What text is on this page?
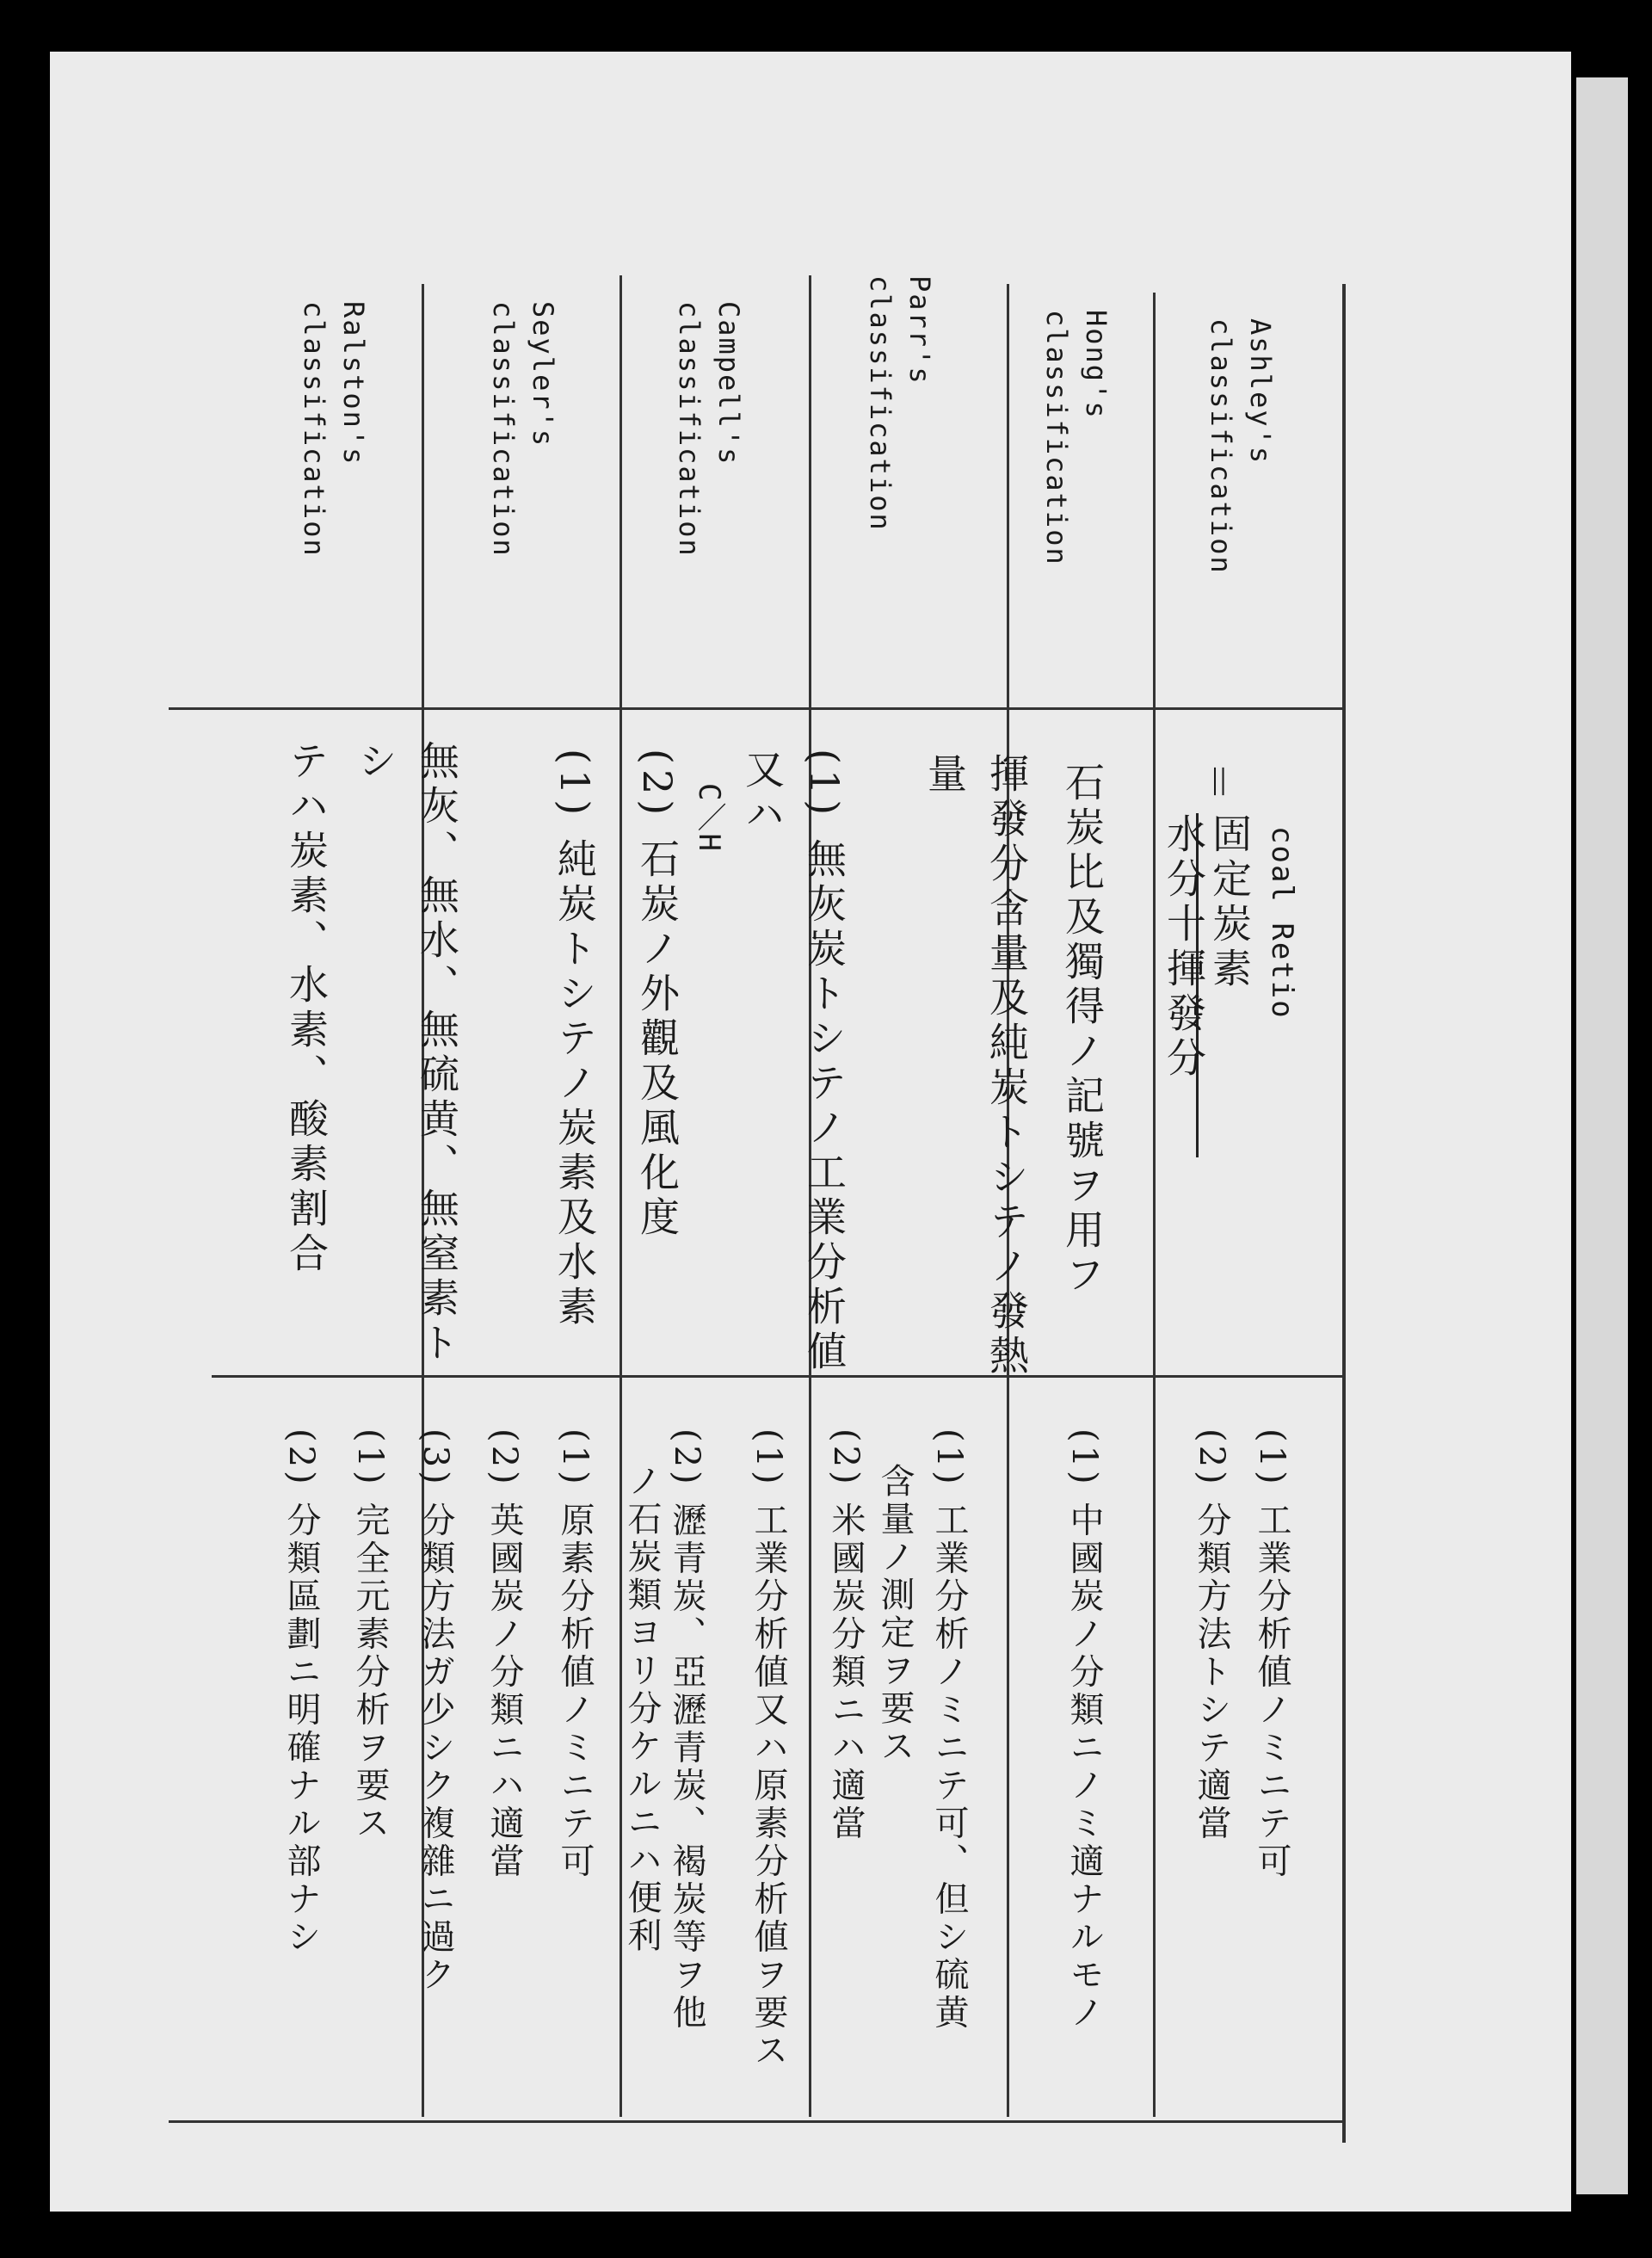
Ashley's
classification
＝
coal Retio
固定炭素
水分十揮發分
(1) 工業分析値ノミニテ可
(2) 分類方法トシテ適當
Hong's
classification
石炭比及獨得ノ記號ヲ用フ
(1) 中國炭ノ分類ニノミ適ナルモノ
Parr's
classification
揮發分含量及純炭トシテノ發熱量
(1) 工業分析ノミニテ可、但シ硫黄
含量ノ測定ヲ要ス
(2) 米國炭分類ニハ適當
Campell's
classification
(1) 無灰炭トシテノ工業分析値又ハ
C／H
(2) 石炭ノ外觀及風化度
(1) 工業分析値又ハ原素分析値ヲ要ス
(2) 瀝青炭、亞瀝青炭、褐炭等ヲ他
ノ石炭類ヨリ分ケルニハ便利
Seyler's
classification
(1) 純炭トシテノ炭素及水素
(1) 原素分析値ノミニテ可
(2) 英國炭ノ分類ニハ適當
(3) 分類方法ガ少シク複雜ニ過ク
Ralston's
classification
無灰、無水、無硫黄、無窒素トシ
テハ炭素、水素、酸素割合
(1) 完全元素分析ヲ要ス
(2) 分類區劃ニ明確ナル部ナシ
